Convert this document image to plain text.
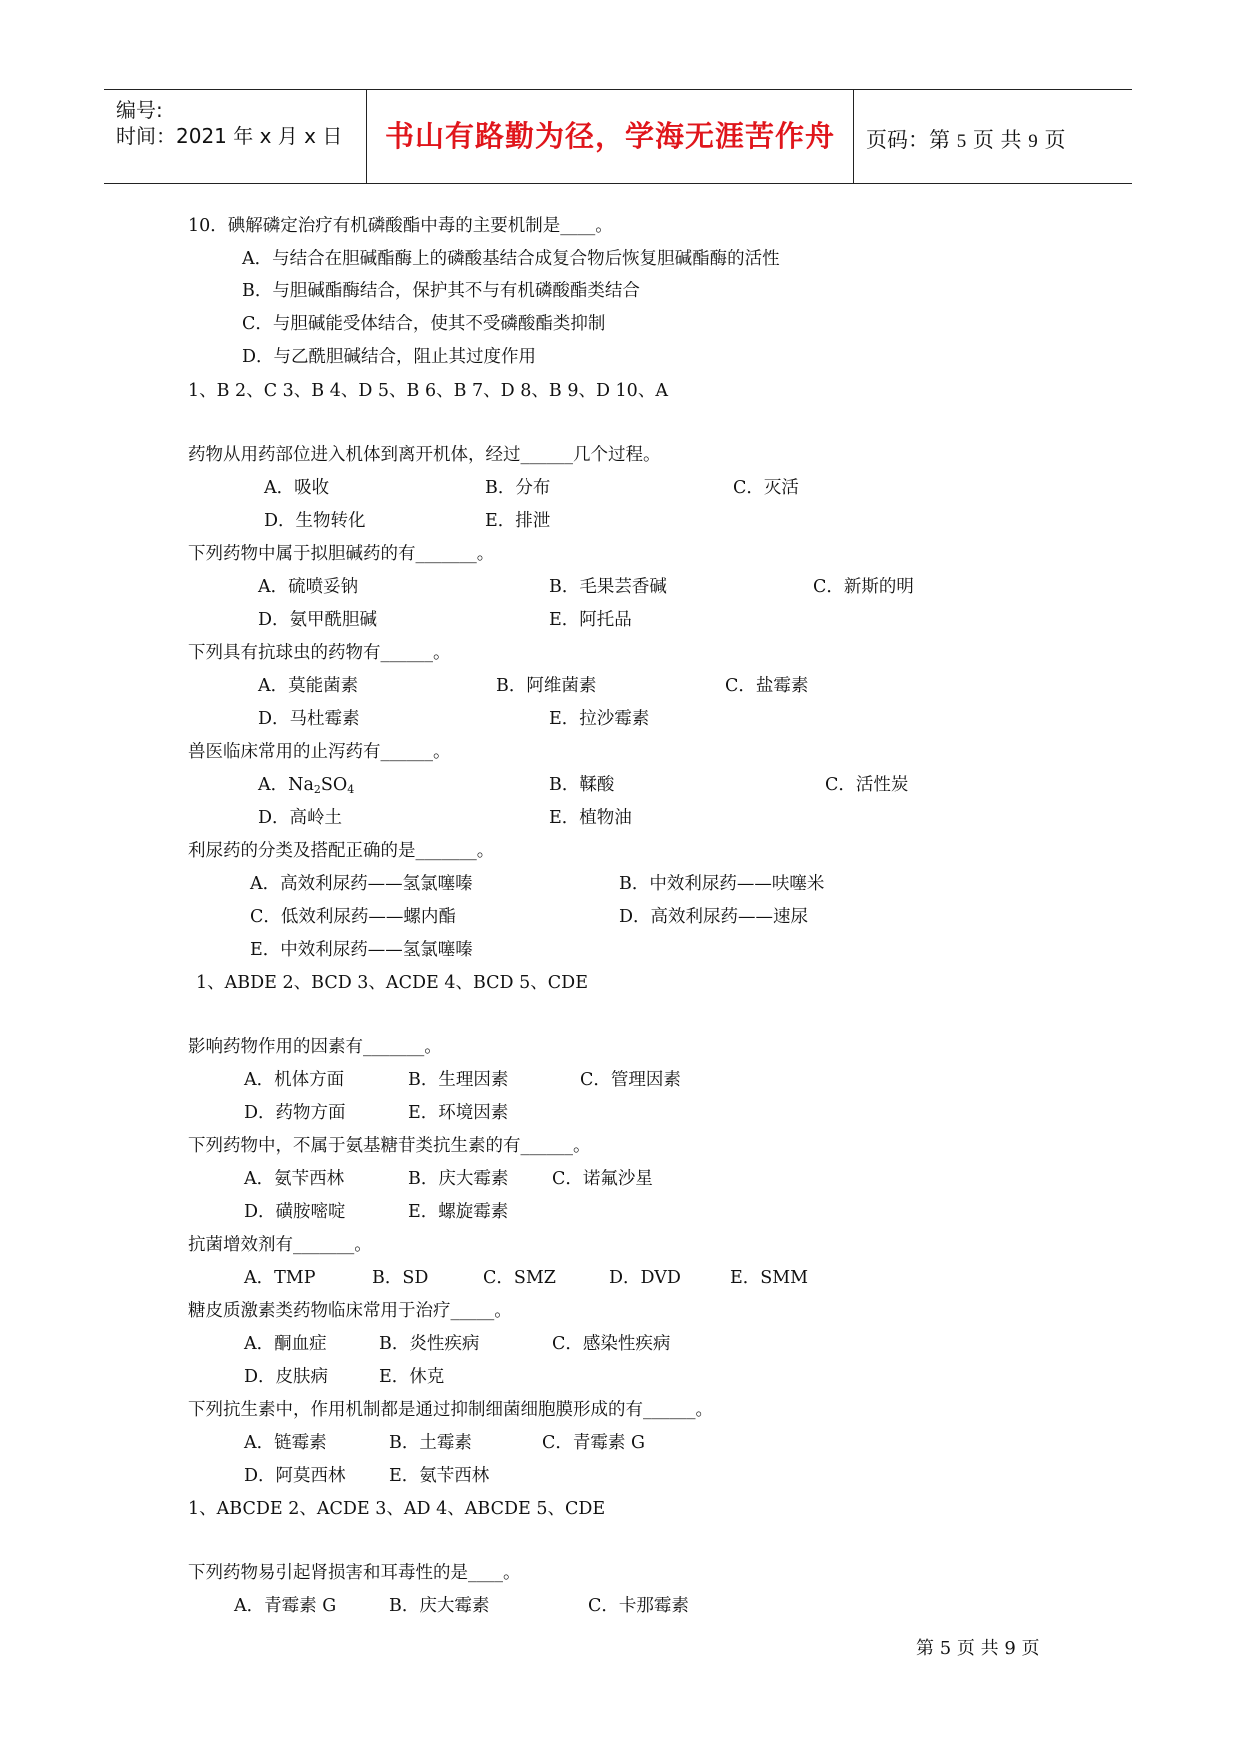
编号:
时间：2021 年 x 月 x 日	书山有路勤为径，学海无涯苦作舟	页码：第 5 页 共 9 页
10．碘解磷定治疗有机磷酸酯中毒的主要机制是____。
A．与结合在胆碱酯酶上的磷酸基结合成复合物后恢复胆碱酯酶的活性
B．与胆碱酯酶结合，保护其不与有机磷酸酯类结合
C．与胆碱能受体结合，使其不受磷酸酯类抑制
D．与乙酰胆碱结合，阻止其过度作用
1、B 2、C 3、B 4、D 5、B 6、B 7、D 8、B 9、D 10、A
药物从用药部位进入机体到离开机体，经过______几个过程。
A．吸收	B．分布	C．灭活
D．生物转化	E．排泄
下列药物中属于拟胆碱药的有_______。
A．硫喷妥钠	B．毛果芸香碱	C．新斯的明
D．氨甲酰胆碱	E．阿托品
下列具有抗球虫的药物有______。
A．莫能菌素	B．阿维菌素	C．盐霉素
D．马杜霉素	E．拉沙霉素
兽医临床常用的止泻药有______。
A．$Na_2SO_4$	B．鞣酸	C．活性炭
D．高岭土	E．植物油
利尿药的分类及搭配正确的是_______。
A．高效利尿药——氢氯噻嗪	B．中效利尿药——呋噻米
C．低效利尿药——螺内酯	D．高效利尿药——速尿
E．中效利尿药——氢氯噻嗪
1、ABDE 2、BCD 3、ACDE 4、BCD 5、CDE
影响药物作用的因素有_______。
A．机体方面	B．生理因素	C．管理因素
D．药物方面	E．环境因素
下列药物中，不属于氨基糖苷类抗生素的有______。
A．氨苄西林	B．庆大霉素 C．诺氟沙星
D．磺胺嘧啶	E．螺旋霉素
抗菌增效剂有_______。
A．TMP	B．SD	C．SMZ	D．DVD	E．SMM
糖皮质激素类药物临床常用于治疗_____。
A．酮血症	B．炎性疾病	C．感染性疾病
D．皮肤病	E．休克
下列抗生素中，作用机制都是通过抑制细菌细胞膜形成的有______。
A．链霉素	B．土霉素	C．青霉素 G
D．阿莫西林 E．氨苄西林
1、ABCDE 2、ACDE 3、AD 4、ABCDE 5、CDE
下列药物易引起肾损害和耳毒性的是____。
A．青霉素 G	B．庆大霉素	C．卡那霉素
第 5 页 共 9 页
